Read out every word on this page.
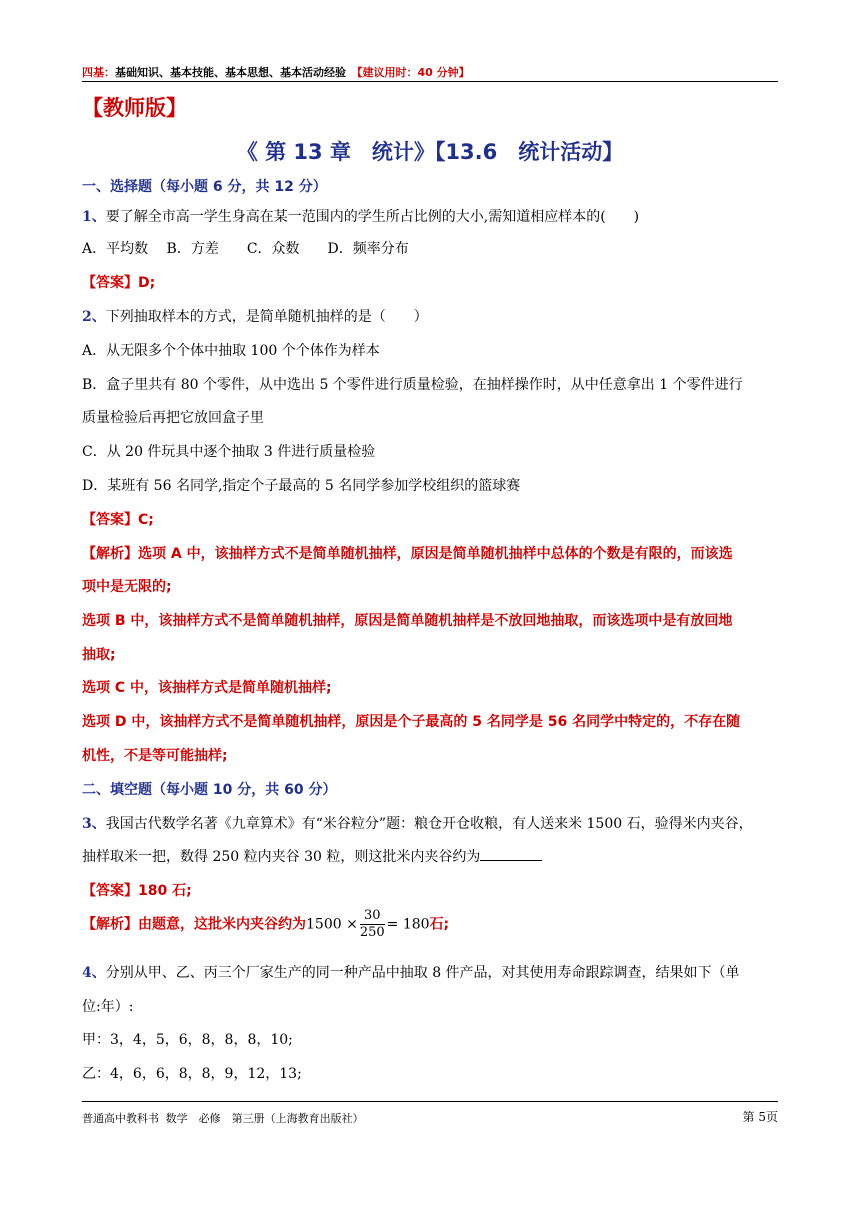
四基：基础知识、基本技能、基本思想、基本活动经验　 【建议用时：40 分钟】
【教师版】
《 第 13 章　统计》【13.6　统计活动】
一、选择题（每小题 6 分，共 12 分）
1、要了解全市高一学生身高在某一范围内的学生所占比例的大小,需知道相应样本的(　　)
A．平均数　 B．方差　　C．众数　　D．频率分布
【答案】D;
2、下列抽取样本的方式，是简单随机抽样的是（　　）
A．从无限多个个体中抽取 100 个个体作为样本
B．盒子里共有 80 个零件，从中选出 5 个零件进行质量检验，在抽样操作时，从中任意拿出 1 个零件进行
质量检验后再把它放回盒子里
C．从 20 件玩具中逐个抽取 3 件进行质量检验
D．某班有 56 名同学,指定个子最高的 5 名同学参加学校组织的篮球赛
【答案】C;
【解析】选项 A 中，该抽样方式不是简单随机抽样，原因是简单随机抽样中总体的个数是有限的，而该选
项中是无限的;
选项 B 中，该抽样方式不是简单随机抽样，原因是简单随机抽样是不放回地抽取，而该选项中是有放回地
抽取;
选项 C 中，该抽样方式是简单随机抽样;
选项 D 中，该抽样方式不是简单随机抽样，原因是个子最高的 5 名同学是 56 名同学中特定的，不存在随
机性，不是等可能抽样;
二、填空题（每小题 10 分，共 60 分）
3、我国古代数学名著《九章算术》有“米谷粒分”题：粮仓开仓收粮，有人送来米 1500 石，验得米内夹谷，
抽样取米一把，数得 250 粒内夹谷 30 粒，则这批米内夹谷约为
【答案】180 石;
【解析】由题意，这批米内夹谷约为$1500 \times \frac{30}{250} = 180$石;
4、分别从甲、乙、丙三个厂家生产的同一种产品中抽取 8 件产品，对其使用寿命跟踪调查，结果如下（单
位:年）:
甲：3，4，5，6，8，8，8，10;
乙：4，6，6，8，8，9，12，13;
普通高中教科书 数学　必修　第三册（上海教育出版社）	第 5页
